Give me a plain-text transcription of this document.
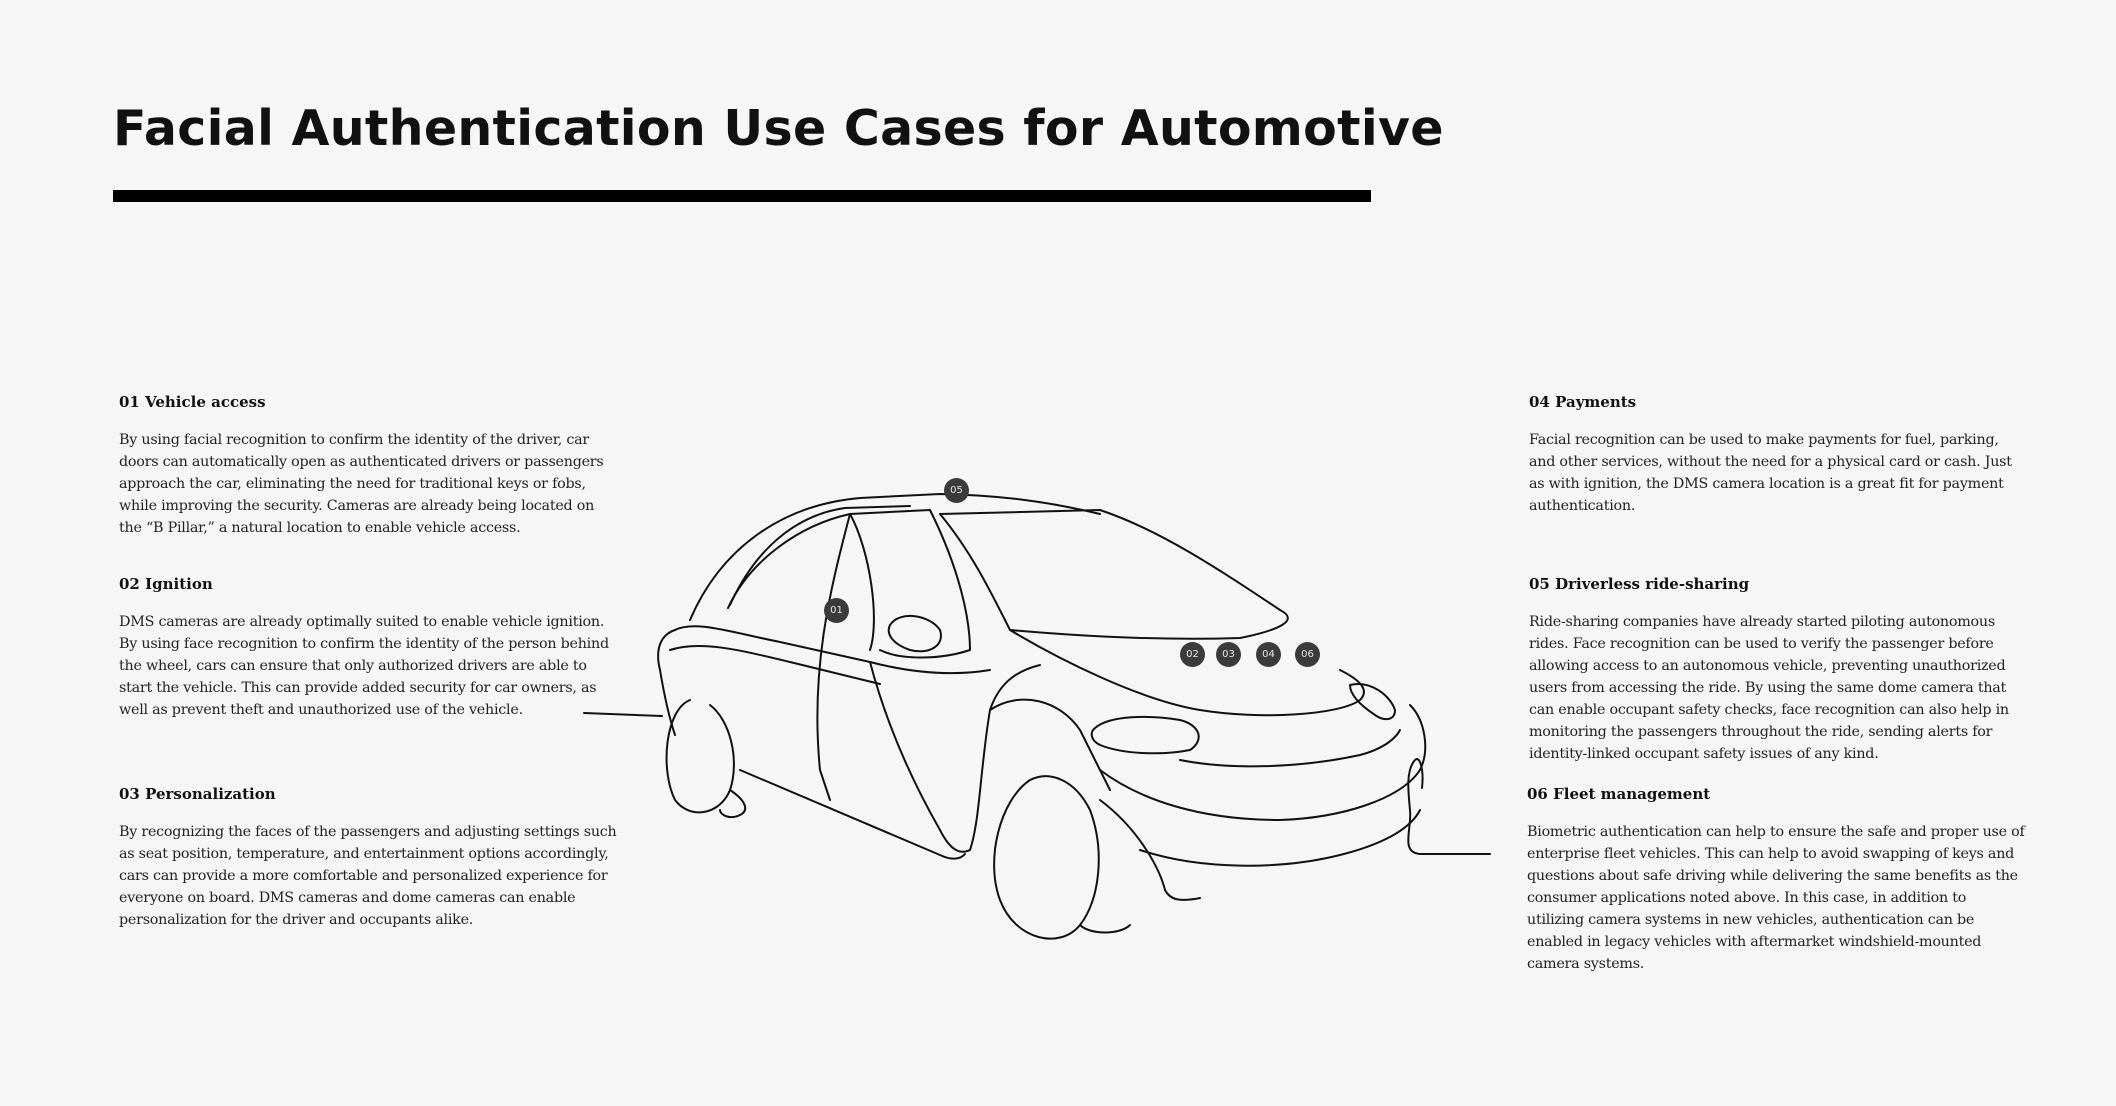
Facial Authentication Use Cases for Automotive
01 Vehicle access

By using facial recognition to confirm the identity of the driver, car doors can automatically open as authenticated drivers or passengers approach the car, eliminating the need for traditional keys or fobs, while improving the security. Cameras are already being located on the “B Pillar,” a natural location to enable vehicle access.

02 Ignition

DMS cameras are already optimally suited to enable vehicle ignition. By using face recognition to confirm the identity of the person behind the wheel, cars can ensure that only authorized drivers are able to start the vehicle. This can provide added security for car owners, as well as prevent theft and unauthorized use of the vehicle.

03 Personalization

By recognizing the faces of the passengers and adjusting settings such as seat position, temperature, and entertainment options accordingly, cars can provide a more comfortable and personalized experience for everyone on board. DMS cameras and dome cameras can enable personalization for the driver and occupants alike.

04 Payments

Facial recognition can be used to make payments for fuel, parking, and other services, without the need for a physical card or cash. Just as with ignition, the DMS camera location is a great fit for payment authentication.

05 Driverless ride-sharing

Ride-sharing companies have already started piloting autonomous rides. Face recognition can be used to verify the passenger before allowing access to an autonomous vehicle, preventing unauthorized users from accessing the ride. By using the same dome camera that can enable occupant safety checks, face recognition can also help in monitoring the passengers throughout the ride, sending alerts for identity-linked occupant safety issues of any kind.

06 Fleet management

Biometric authentication can help to ensure the safe and proper use of enterprise fleet vehicles. This can help to avoid swapping of keys and questions about safe driving while delivering the same benefits as the consumer applications noted above. In this case, in addition to utilizing camera systems in new vehicles, authentication can be enabled in legacy vehicles with aftermarket windshield-mounted camera systems.

05
01
02	03	04	06
